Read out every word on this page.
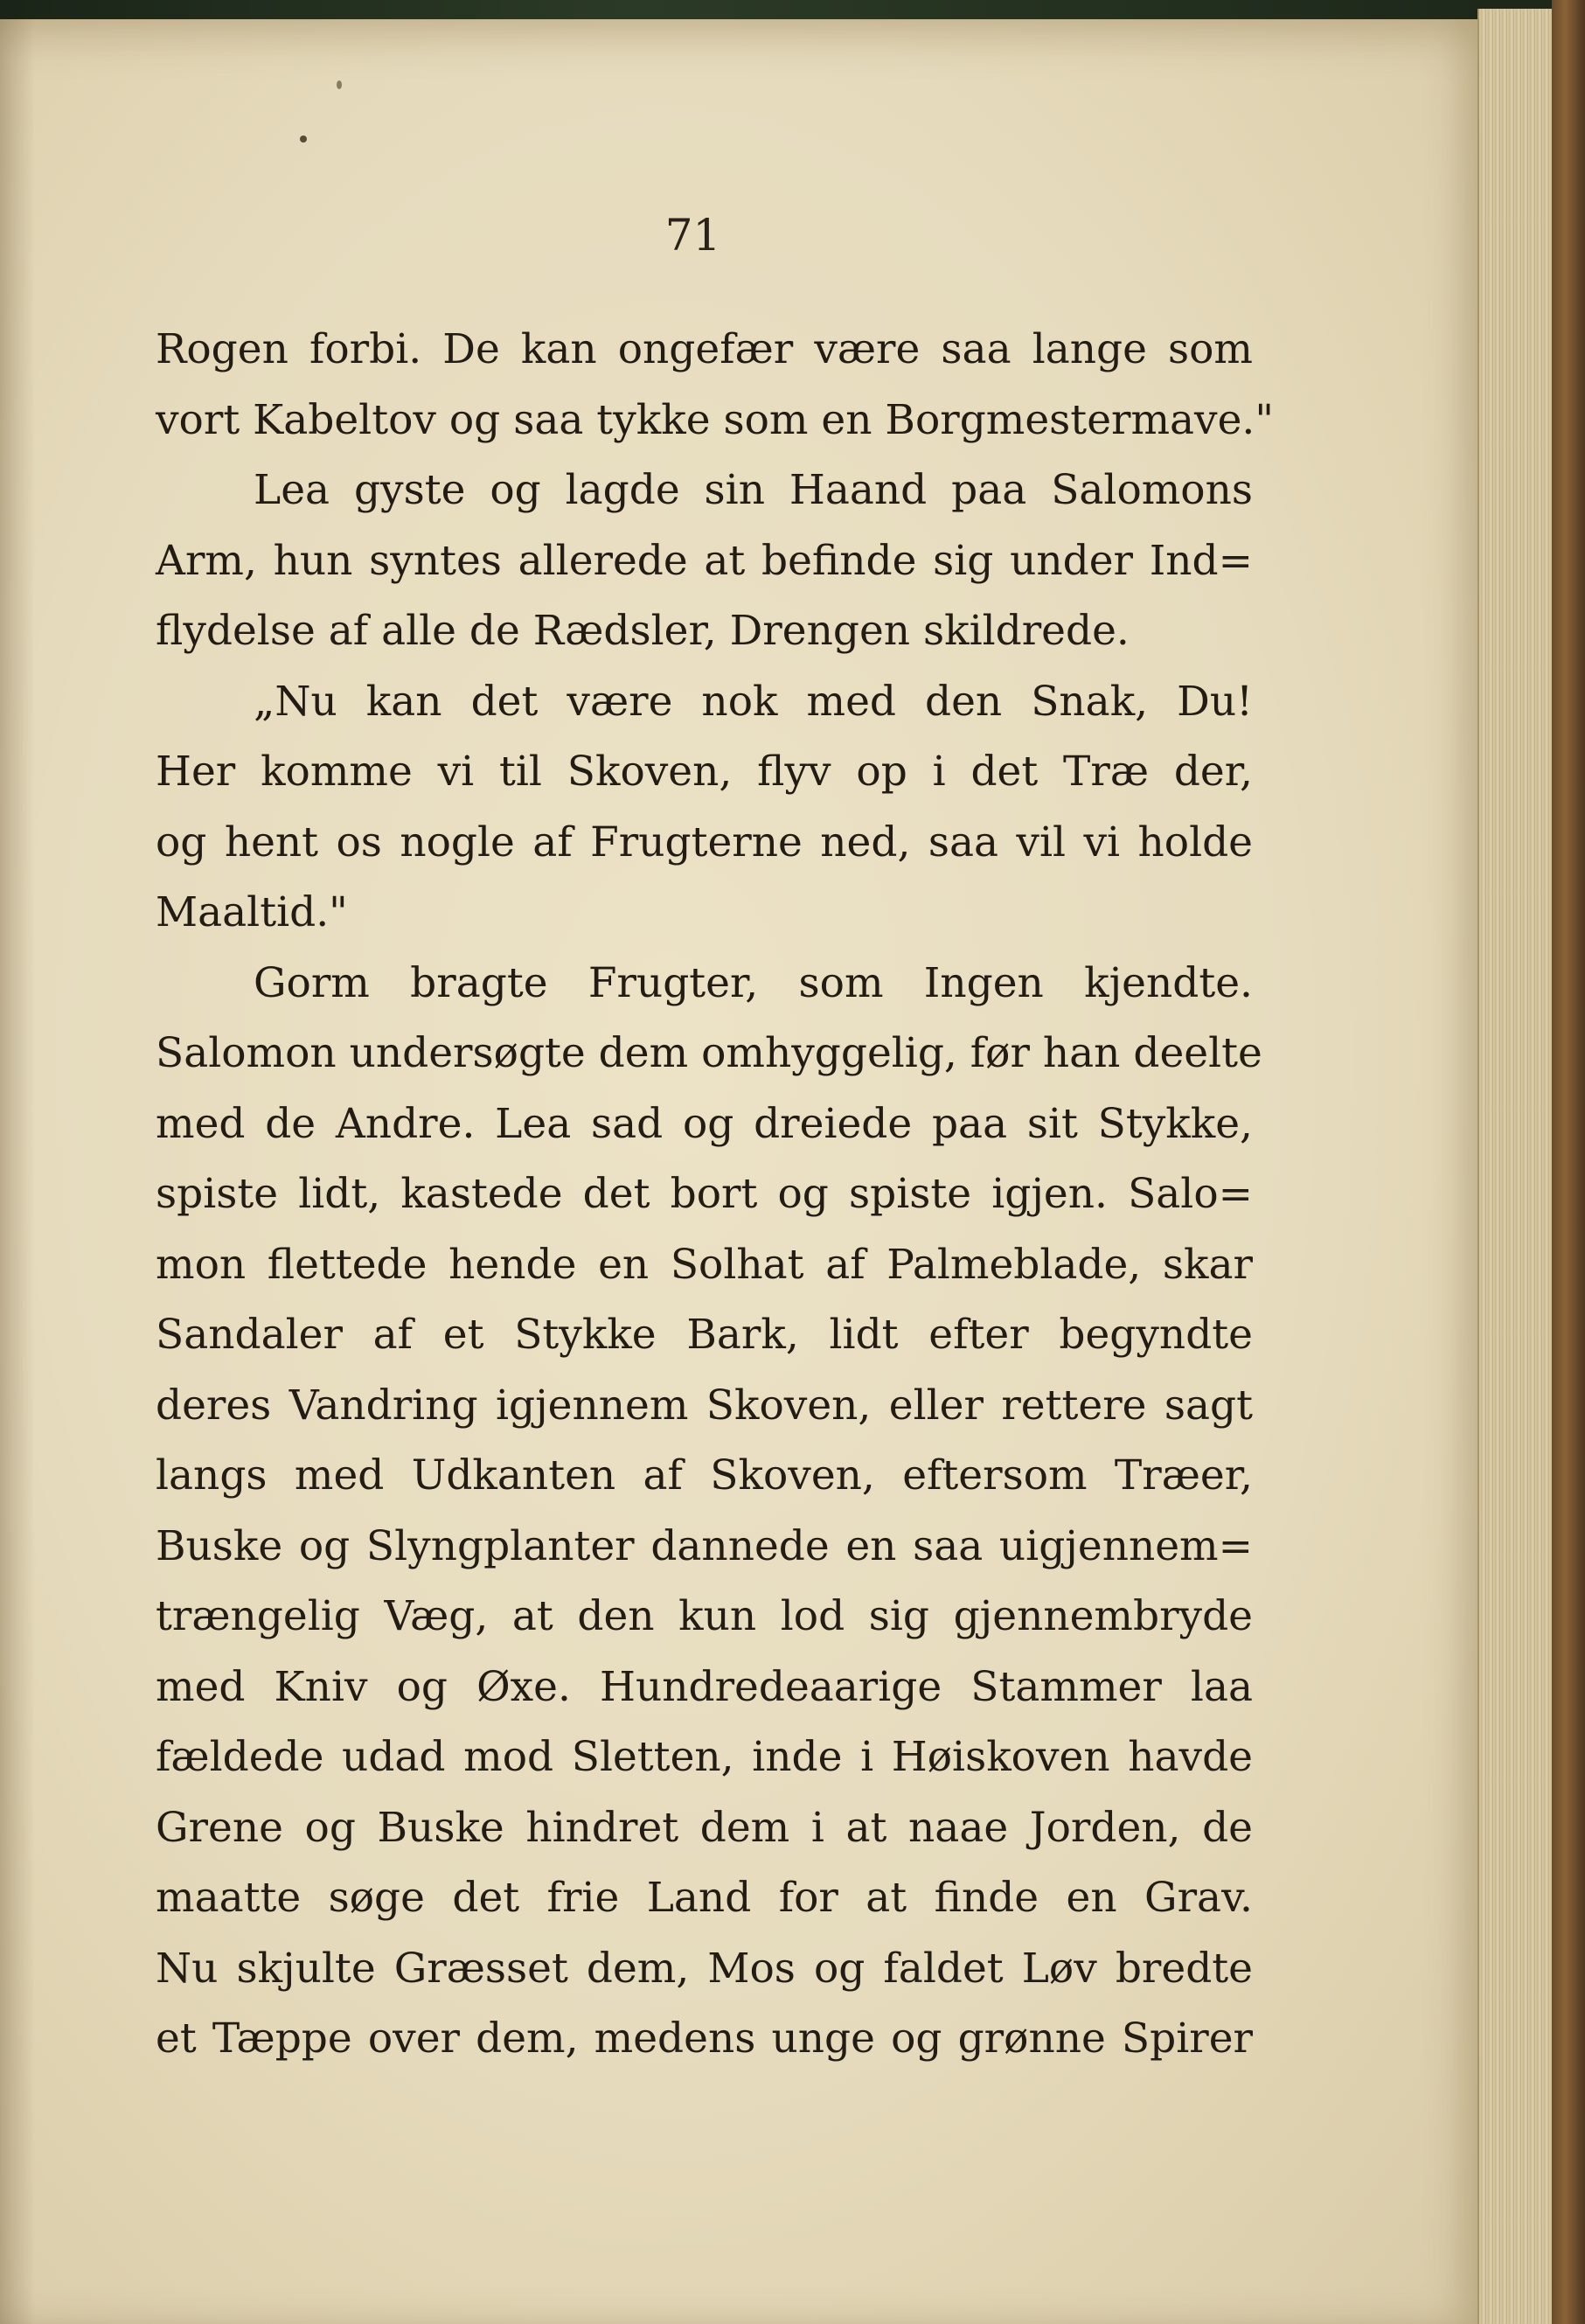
71
Rogen forbi. De kan ongefær være saa lange som
vort Kabeltov og saa tykke som en Borgmestermave."
Lea gyste og lagde sin Haand paa Salomons
Arm, hun syntes allerede at befinde sig under Ind=
flydelse af alle de Rædsler, Drengen skildrede.
„Nu kan det være nok med den Snak, Du!
Her komme vi til Skoven, flyv op i det Træ der,
og hent os nogle af Frugterne ned, saa vil vi holde
Maaltid."
Gorm bragte Frugter, som Ingen kjendte.
Salomon undersøgte dem omhyggelig, før han deelte
med de Andre. Lea sad og dreiede paa sit Stykke,
spiste lidt, kastede det bort og spiste igjen. Salo=
mon flettede hende en Solhat af Palmeblade, skar
Sandaler af et Stykke Bark, lidt efter begyndte
deres Vandring igjennem Skoven, eller rettere sagt
langs med Udkanten af Skoven, eftersom Træer,
Buske og Slyngplanter dannede en saa uigjennem=
trængelig Væg, at den kun lod sig gjennembryde
med Kniv og Øxe. Hundredeaarige Stammer laa
fældede udad mod Sletten, inde i Høiskoven havde
Grene og Buske hindret dem i at naae Jorden, de
maatte søge det frie Land for at finde en Grav.
Nu skjulte Græsset dem, Mos og faldet Løv bredte
et Tæppe over dem, medens unge og grønne Spirer
